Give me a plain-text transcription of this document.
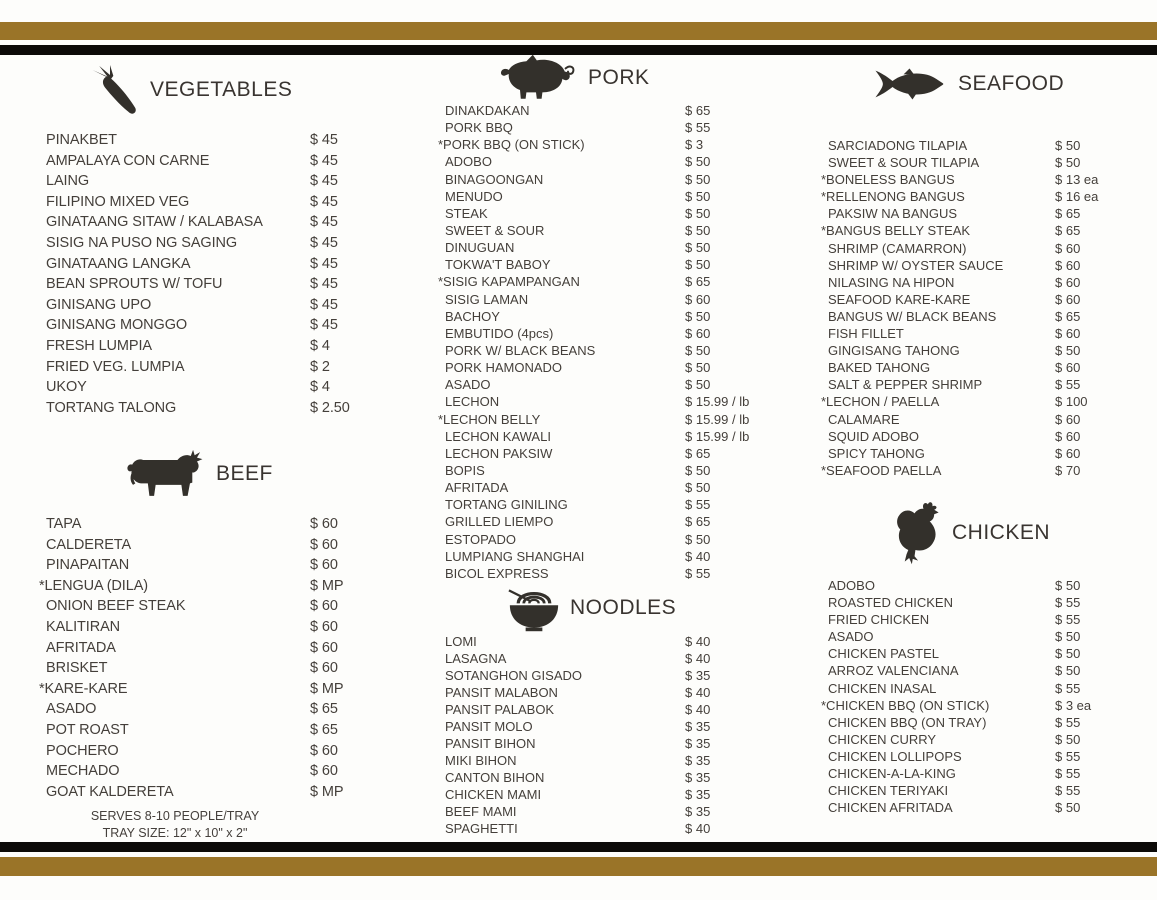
VEGETABLES
BEEF
PORK
NOODLES
SEAFOOD
CHICKEN
PINAKBET	$ 45
AMPALAYA CON CARNE	$ 45
LAING	$ 45
FILIPINO MIXED VEG	$ 45
GINATAANG SITAW / KALABASA	$ 45
SISIG NA PUSO NG SAGING	$ 45
GINATAANG LANGKA	$ 45
BEAN SPROUTS W/ TOFU	$ 45
GINISANG UPO	$ 45
GINISANG MONGGO	$ 45
FRESH LUMPIA	$ 4
FRIED VEG. LUMPIA	$ 2
UKOY	$ 4
TORTANG TALONG	$ 2.50
TAPA	$ 60
CALDERETA	$ 60
PINAPAITAN	$ 60
*LENGUA (DILA)	$ MP
ONION BEEF STEAK	$ 60
KALITIRAN	$ 60
AFRITADA	$ 60
BRISKET	$ 60
*KARE-KARE	$ MP
ASADO	$ 65
POT ROAST	$ 65
POCHERO	$ 60
MECHADO	$ 60
GOAT KALDERETA	$ MP
DINAKDAKAN	$ 65
PORK BBQ	$ 55
*PORK BBQ (ON STICK)	$ 3
ADOBO	$ 50
BINAGOONGAN	$ 50
MENUDO	$ 50
STEAK	$ 50
SWEET & SOUR	$ 50
DINUGUAN	$ 50
TOKWA'T BABOY	$ 50
*SISIG KAPAMPANGAN	$ 65
SISIG LAMAN	$ 60
BACHOY	$ 50
EMBUTIDO (4pcs)	$ 60
PORK W/ BLACK BEANS	$ 50
PORK HAMONADO	$ 50
ASADO	$ 50
LECHON	$ 15.99 / lb
*LECHON BELLY	$ 15.99 / lb
LECHON KAWALI	$ 15.99 / lb
LECHON PAKSIW	$ 65
BOPIS	$ 50
AFRITADA	$ 50
TORTANG GINILING	$ 55
GRILLED LIEMPO	$ 65
ESTOPADO	$ 50
LUMPIANG SHANGHAI	$ 40
BICOL EXPRESS	$ 55
LOMI	$ 40
LASAGNA	$ 40
SOTANGHON GISADO	$ 35
PANSIT MALABON	$ 40
PANSIT PALABOK	$ 40
PANSIT MOLO	$ 35
PANSIT BIHON	$ 35
MIKI BIHON	$ 35
CANTON BIHON	$ 35
CHICKEN MAMI	$ 35
BEEF MAMI	$ 35
SPAGHETTI	$ 40
SARCIADONG TILAPIA	$ 50
SWEET & SOUR TILAPIA	$ 50
*BONELESS BANGUS	$ 13 ea
*RELLENONG BANGUS	$ 16 ea
PAKSIW NA BANGUS	$ 65
*BANGUS BELLY STEAK	$ 65
SHRIMP (CAMARRON)	$ 60
SHRIMP W/ OYSTER SAUCE	$ 60
NILASING NA HIPON	$ 60
SEAFOOD KARE-KARE	$ 60
BANGUS W/ BLACK BEANS	$ 65
FISH FILLET	$ 60
GINGISANG TAHONG	$ 50
BAKED TAHONG	$ 60
SALT & PEPPER SHRIMP	$ 55
*LECHON / PAELLA	$ 100
CALAMARE	$ 60
SQUID ADOBO	$ 60
SPICY TAHONG	$ 60
*SEAFOOD PAELLA	$ 70
ADOBO	$ 50
ROASTED CHICKEN	$ 55
FRIED CHICKEN	$ 55
ASADO	$ 50
CHICKEN PASTEL	$ 50
ARROZ VALENCIANA	$ 50
CHICKEN INASAL	$ 55
*CHICKEN BBQ (ON STICK)	$ 3 ea
CHICKEN BBQ (ON TRAY)	$ 55
CHICKEN CURRY	$ 50
CHICKEN LOLLIPOPS	$ 55
CHICKEN-A-LA-KING	$ 55
CHICKEN TERIYAKI	$ 55
CHICKEN AFRITADA	$ 50
SERVES 8-10 PEOPLE/TRAY
TRAY SIZE: 12" x 10" x 2"
